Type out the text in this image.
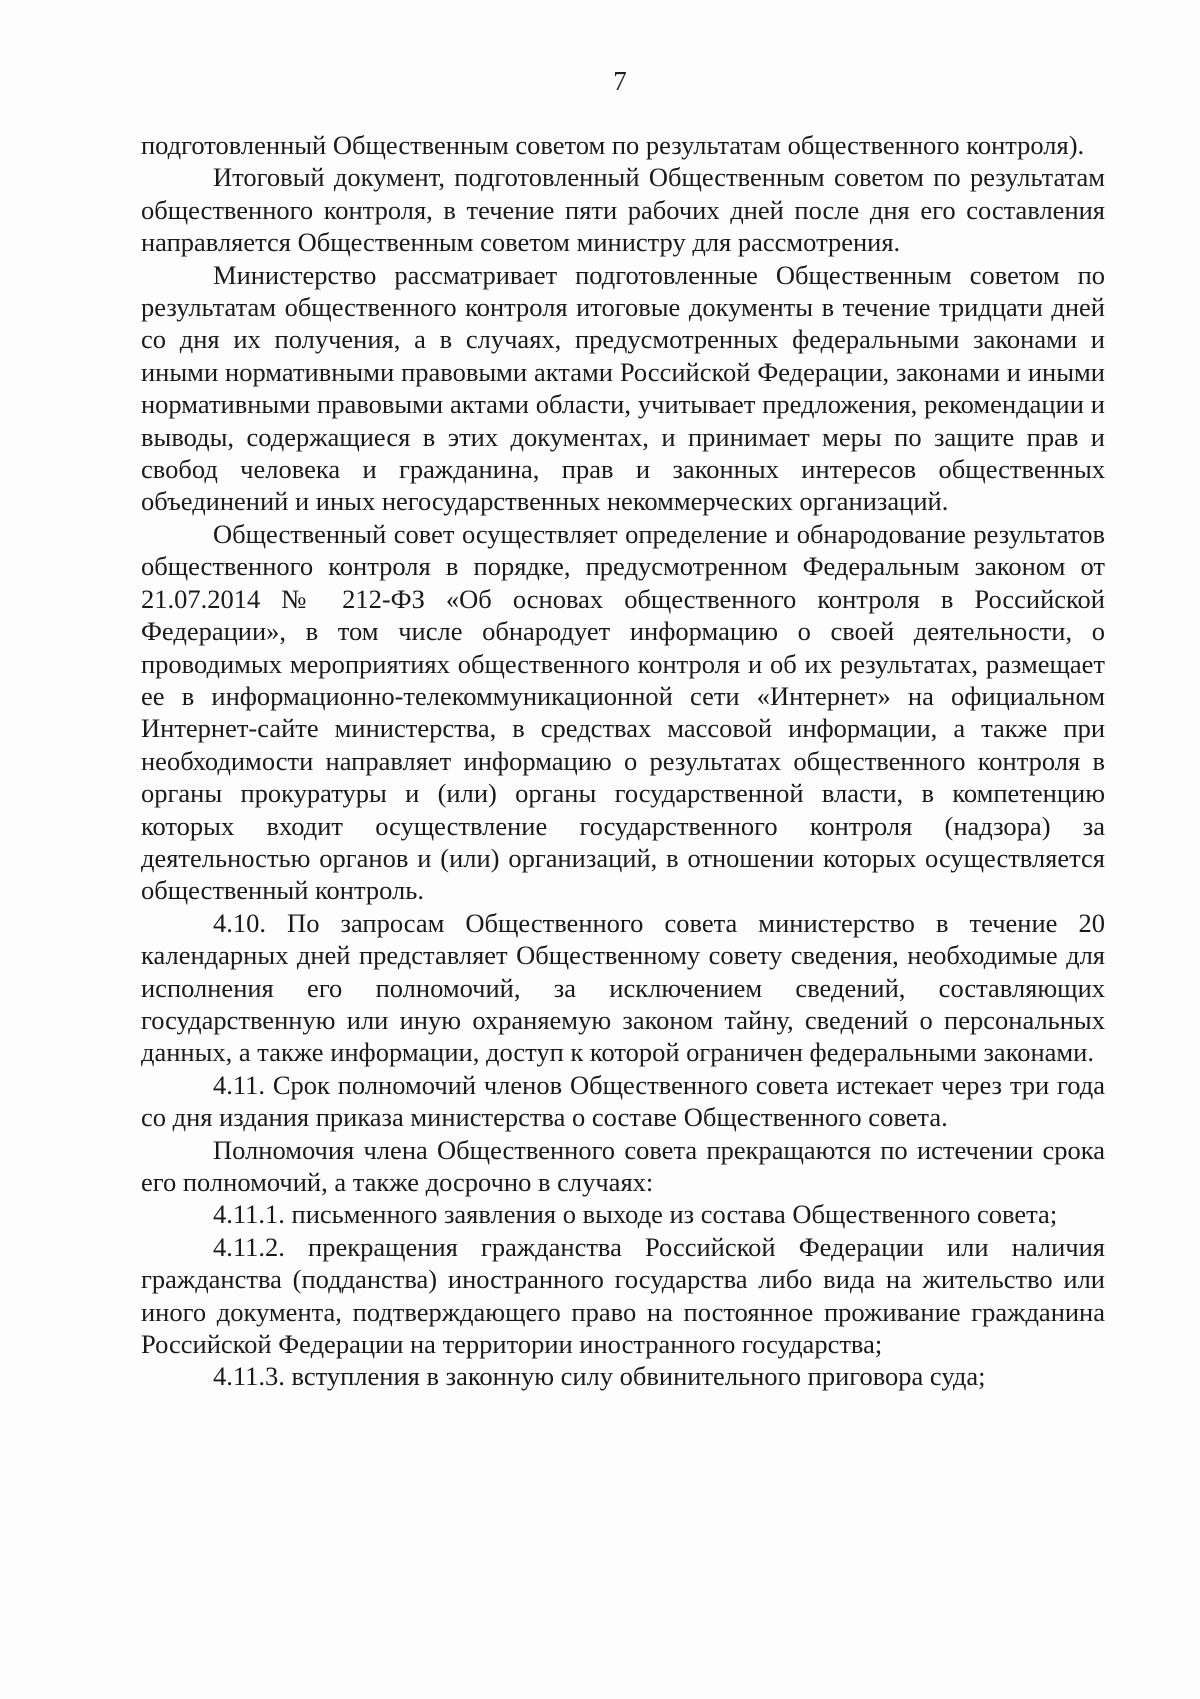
7

подготовленный Общественным советом по результатам общественного контроля).

Итоговый документ, подготовленный Общественным советом по результатам общественного контроля, в течение пяти рабочих дней после дня его составления направляется Общественным советом министру для рассмотрения.

Министерство рассматривает подготовленные Общественным советом по результатам общественного контроля итоговые документы в течение тридцати дней со дня их получения, а в случаях, предусмотренных федеральными законами и иными нормативными правовыми актами Российской Федерации, законами и иными нормативными правовыми актами области, учитывает предложения, рекомендации и выводы, содержащиеся в этих документах, и принимает меры по защите прав и свобод человека и гражданина, прав и законных интересов общественных объединений и иных негосударственных некоммерческих организаций.

Общественный совет осуществляет определение и обнародование результатов общественного контроля в порядке, предусмотренном Федеральным законом от 21.07.2014 № 212-ФЗ «Об основах общественного контроля в Российской Федерации», в том числе обнародует информацию о своей деятельности, о проводимых мероприятиях общественного контроля и об их результатах, размещает ее в информационно-телекоммуникационной сети «Интернет» на официальном Интернет-сайте министерства, в средствах массовой информации, а также при необходимости направляет информацию о результатах общественного контроля в органы прокуратуры и (или) органы государственной власти, в компетенцию которых входит осуществление государственного контроля (надзора) за деятельностью органов и (или) организаций, в отношении которых осуществляется общественный контроль.

4.10. По запросам Общественного совета министерство в течение 20 календарных дней представляет Общественному совету сведения, необходимые для исполнения его полномочий, за исключением сведений, составляющих государственную или иную охраняемую законом тайну, сведений о персональных данных, а также информации, доступ к которой ограничен федеральными законами.

4.11. Срок полномочий членов Общественного совета истекает через три года со дня издания приказа министерства о составе Общественного совета.

Полномочия члена Общественного совета прекращаются по истечении срока его полномочий, а также досрочно в случаях:

4.11.1. письменного заявления о выходе из состава Общественного совета;

4.11.2. прекращения гражданства Российской Федерации или наличия гражданства (подданства) иностранного государства либо вида на жительство или иного документа, подтверждающего право на постоянное проживание гражданина Российской Федерации на территории иностранного государства;

4.11.3. вступления в законную силу обвинительного приговора суда;
